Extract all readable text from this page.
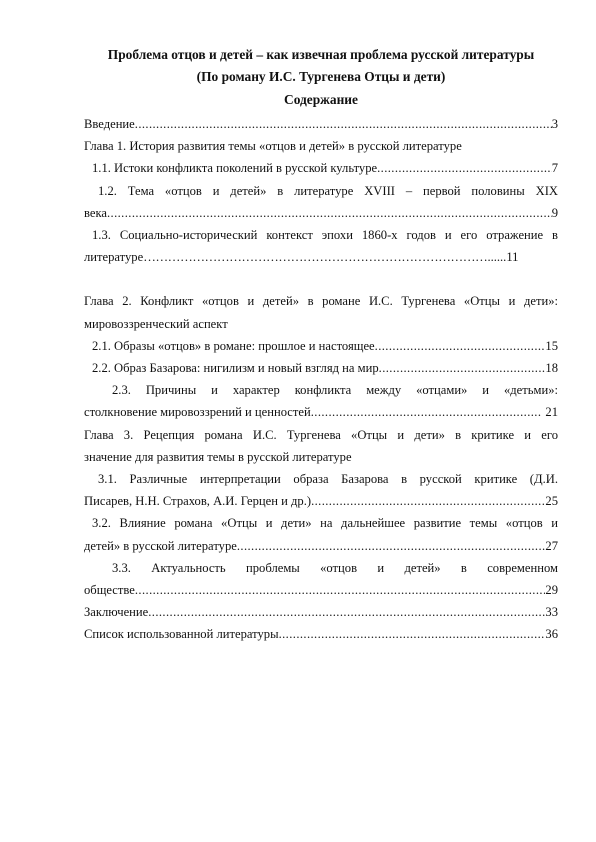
Проблема отцов и детей – как извечная проблема русской литературы

(По роману И.С. Тургенева Отцы и дети)

Содержание

Введение .....	3
Глава 1. История развития темы «отцов и детей» в русской литературе
1.1. Истоки конфликта поколений в русской культуре .....	7
1.2. Тема «отцов и детей» в литературе XVIII – первой половины XIX
века .....	9
1.3. Социально-исторический контекст эпохи 1860-х годов и его отражение в
литературе ………………………………………………………………………… ......11
Глава 2. Конфликт «отцов и детей» в романе И.С. Тургенева «Отцы и дети»:
мировоззренческий аспект
2.1. Образы «отцов» в романе: прошлое и настоящее .....	15
2.2. Образ Базарова: нигилизм и новый взгляд на мир .....	18
2.3. Причины и характер конфликта между «отцами» и «детьми»:
столкновение мировоззрений и ценностей .....	21
Глава 3. Рецепция романа И.С. Тургенева «Отцы и дети» в критике и его
значение для развития темы в русской литературе
3.1. Различные интерпретации образа Базарова в русской критике (Д.И.
Писарев, Н.Н. Страхов, А.И. Герцен и др.) .....	25
3.2. Влияние романа «Отцы и дети» на дальнейшее развитие темы «отцов и
детей» в русской литературе .....	27
3.3. Актуальность проблемы «отцов и детей» в современном
обществе .....	29
Заключение .....	33
Список использованной литературы .....	36
